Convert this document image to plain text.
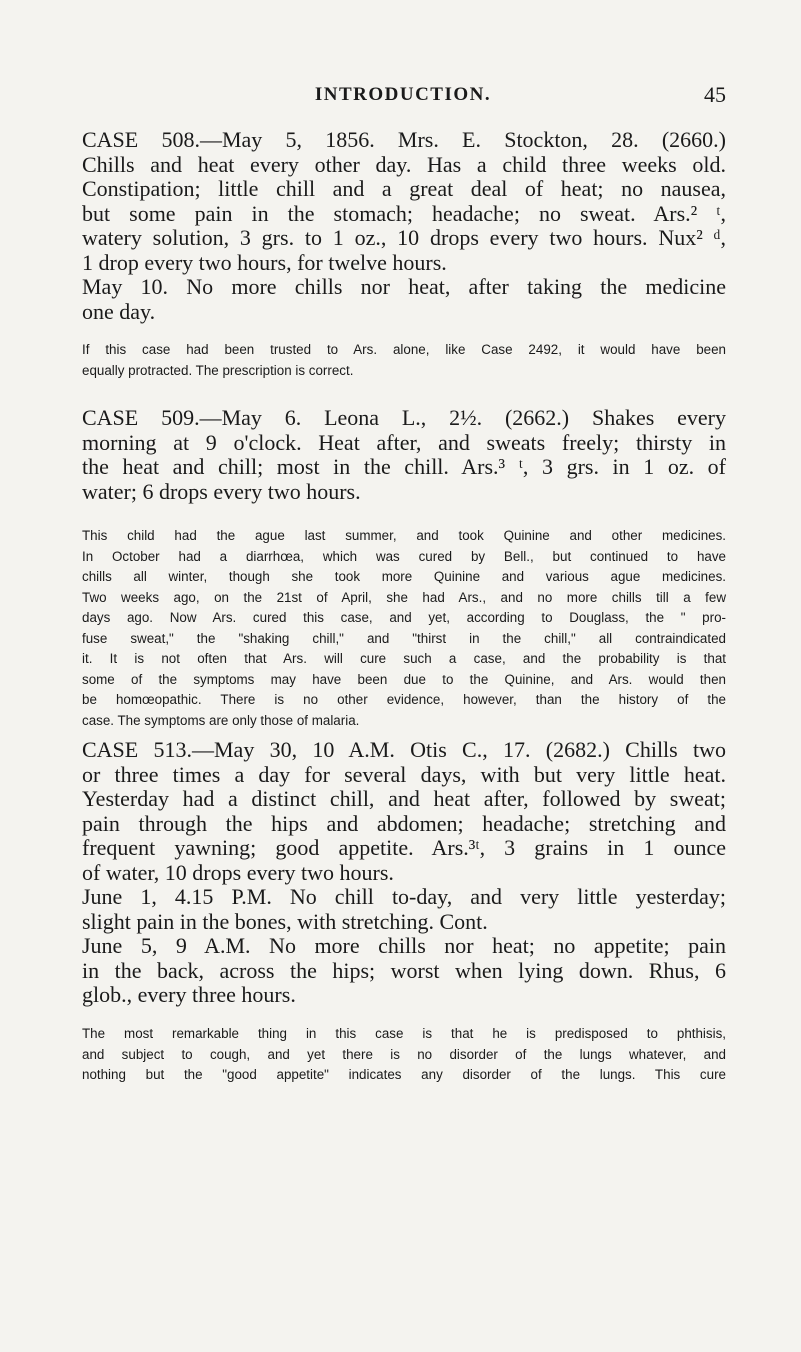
INTRODUCTION.	45
CASE 508.—May 5, 1856. Mrs. E. Stockton, 28. (2660.)
Chills and heat every other day. Has a child three weeks old.
Constipation; little chill and a great deal of heat; no nausea,
but some pain in the stomach; headache; no sweat. Ars.² ᵗ,
watery solution, 3 grs. to 1 oz., 10 drops every two hours. Nux² ᵈ,
1 drop every two hours, for twelve hours.
May 10. No more chills nor heat, after taking the medicine
one day.
If this case had been trusted to Ars. alone, like Case 2492, it would have been
equally protracted. The prescription is correct.
CASE 509.—May 6. Leona L., 2½. (2662.) Shakes every
morning at 9 o'clock. Heat after, and sweats freely; thirsty in
the heat and chill; most in the chill. Ars.³ ᵗ, 3 grs. in 1 oz. of
water; 6 drops every two hours.
This child had the ague last summer, and took Quinine and other medicines.
In October had a diarrhœa, which was cured by Bell., but continued to have
chills all winter, though she took more Quinine and various ague medicines.
Two weeks ago, on the 21st of April, she had Ars., and no more chills till a few
days ago. Now Ars. cured this case, and yet, according to Douglass, the " pro-
fuse sweat," the "shaking chill," and "thirst in the chill," all contraindicated
it. It is not often that Ars. will cure such a case, and the probability is that
some of the symptoms may have been due to the Quinine, and Ars. would then
be homœopathic. There is no other evidence, however, than the history of the
case. The symptoms are only those of malaria.
CASE 513.—May 30, 10 A.M. Otis C., 17. (2682.) Chills two
or three times a day for several days, with but very little heat.
Yesterday had a distinct chill, and heat after, followed by sweat;
pain through the hips and abdomen; headache; stretching and
frequent yawning; good appetite. Ars.³ᵗ, 3 grains in 1 ounce
of water, 10 drops every two hours.
June 1, 4.15 P.M. No chill to-day, and very little yesterday;
slight pain in the bones, with stretching. Cont.
June 5, 9 A.M. No more chills nor heat; no appetite; pain
in the back, across the hips; worst when lying down. Rhus, 6
glob., every three hours.
The most remarkable thing in this case is that he is predisposed to phthisis,
and subject to cough, and yet there is no disorder of the lungs whatever, and
nothing but the "good appetite" indicates any disorder of the lungs. This cure
